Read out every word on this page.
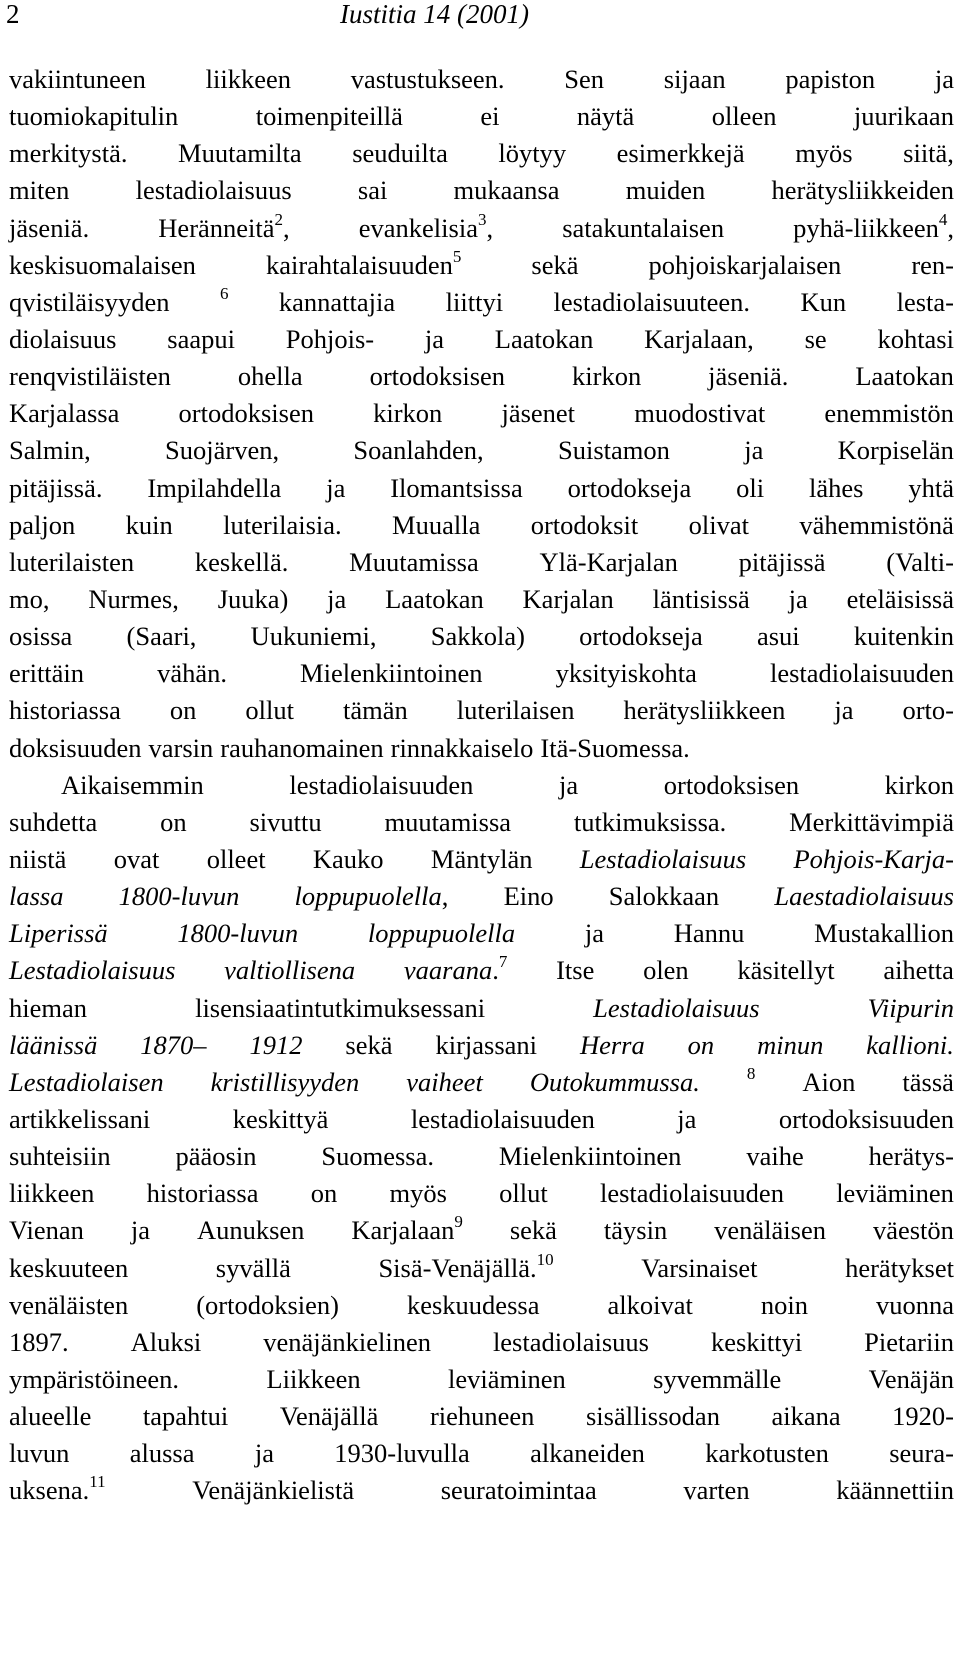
2	Iustitia 14 (2001)
vakiintuneen liikkeen vastustukseen. Sen sijaan papiston ja
tuomiokapitulin	toimenpiteillä	ei	näytä	olleen	juurikaan
merkitystä. Muutamilta seuduilta löytyy esimerkkejä myös siitä,
miten lestadiolaisuus sai mukaansa muiden herätysliikkeiden
jäseniä.	Heränneitä$^2$,	evankelisia$^3$,	satakuntalaisen	pyhä-liikkeen$^4$,
keskisuomalaisen	kairahtalaisuuden$^5$	sekä	pohjoiskarjalaisen	ren-
qvistiläisyyden	$^6$ kannattajia liittyi lestadiolaisuuteen. Kun lesta-
diolaisuus saapui Pohjois- ja Laatokan Karjalaan, se kohtasi
renqvistiläisten	ohella	ortodoksisen	kirkon	jäseniä.	Laatokan
Karjalassa ortodoksisen kirkon jäsenet muodostivat enemmistön
Salmin,	Suojärven,	Soanlahden,	Suistamon	ja	Korpiselän
pitäjissä. Impilahdella ja Ilomantsissa ortodokseja oli lähes yhtä
paljon kuin luterilaisia. Muualla ortodoksit olivat vähemmistönä
luterilaisten keskellä. Muutamissa Ylä-Karjalan pitäjissä (Valti-
mo, Nurmes, Juuka) ja Laatokan Karjalan läntisissä ja eteläisissä
osissa (Saari, Uukuniemi, Sakkola) ortodokseja asui kuitenkin
erittäin	vähän.	Mielenkiintoinen	yksityiskohta	lestadiolaisuuden
historiassa on ollut tämän luterilaisen herätysliikkeen ja orto-
doksisuuden varsin rauhanomainen rinnakkaiselo Itä-Suomessa.
Aikaisemmin	lestadiolaisuuden	ja	ortodoksisen	kirkon
suhdetta on sivuttu muutamissa tutkimuksissa. Merkittävimpiä
niistä ovat olleet Kauko Mäntylän Lestadiolaisuus Pohjois-Karja-
lassa 1800-luvun loppupuolella, Eino Salokkaan Laestadiolaisuus
Liperissä	1800-luvun	loppupuolella	ja	Hannu	Mustakallion
Lestadiolaisuus valtiollisena vaarana.$^7$ Itse olen käsitellyt aihetta
hieman	lisensiaatintutkimuksessani	Lestadiolaisuus	Viipurin
läänissä 1870– 1912 sekä kirjassani Herra on minun kallioni.
Lestadiolaisen kristillisyyden vaiheet Outokummussa.	$^8$ Aion tässä
artikkelissani	keskittyä	lestadiolaisuuden	ja	ortodoksisuuden
suhteisiin pääosin Suomessa. Mielenkiintoinen vaihe herätys-
liikkeen historiassa on myös ollut lestadiolaisuuden leviäminen
Vienan ja Aunuksen Karjalaan$^9$ sekä täysin venäläisen väestön
keskuuteen	syvällä	Sisä-Venäjällä.$^{10}$	Varsinaiset	herätykset
venäläisten	(ortodoksien)	keskuudessa	alkoivat	noin	vuonna
1897. Aluksi venäjänkielinen lestadiolaisuus keskittyi Pietariin
ympäristöineen.	Liikkeen	leviäminen	syvemmälle	Venäjän
alueelle tapahtui Venäjällä riehuneen sisällissodan aikana 1920-
luvun alussa ja 1930-luvulla alkaneiden karkotusten seura-
uksena.$^{11}$	Venäjänkielistä	seuratoimintaa	varten	käännettiin
